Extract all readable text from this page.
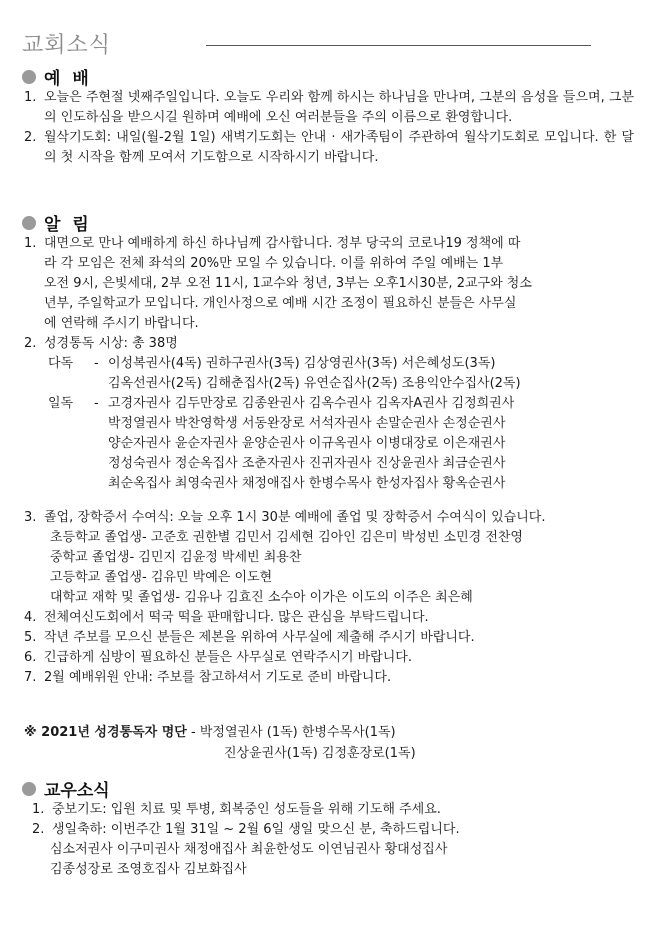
교회소식
예 배
1. 오늘은 주현절 넷째주일입니다. 오늘도 우리와 함께 하시는 하나님을 만나며, 그분의 음성을 들으며, 그분의 인도하심을 받으시길 원하며 예배에 오신 여러분들을 주의 이름으로 환영합니다.
2. 월삭기도회: 내일(월-2월 1일) 새벽기도회는 안내 · 새가족팀이 주관하여 월삭기도회로 모입니다. 한 달의 첫 시작을 함께 모여서 기도함으로 시작하시기 바랍니다.
알 림
1. 대면으로 만나 예배하게 하신 하나님께 감사합니다. 정부 당국의 코로나19 정책에 따
라 각 모임은 전체 좌석의 20%만 모일 수 있습니다. 이를 위하여 주일 예배는 1부
오전 9시, 은빛세대, 2부 오전 11시, 1교수와 청년, 3부는 오후1시30분, 2교구와 청소
년부, 주일학교가 모입니다. 개인사정으로 예배 시간 조정이 필요하신 분들은 사무실
에 연락해 주시기 바랍니다.
2. 성경통독 시상: 총 38명
다독	- 이성복권사(4독) 권하구권사(3독) 김상영권사(3독) 서은혜성도(3독)
김옥선권사(2독) 김해춘집사(2독) 유연순집사(2독) 조용익안수집사(2독)
일독	- 고경자권사 김두만장로 김종완권사 김옥수권사 김옥자A권사 김정희권사
박정열권사 박찬영학생 서동완장로 서석자권사 손말순권사 손정순권사
양순자권사 윤순자권사 윤양순권사 이규옥권사 이병대장로 이은재권사
정성숙권사 정순옥집사 조춘자권사 진귀자권사 진상윤권사 최금순권사
최순옥집사 최영숙권사 채정애집사 한병수목사 한성자집사 황옥순권사
3. 졸업, 장학증서 수여식: 오늘 오후 1시 30분 예배에 졸업 및 장학증서 수여식이 있습니다.
초등학교 졸업생- 고준호 권한별 김민서 김세현 김아인 김은미 박성빈 소민경 전찬영
중학교 졸업생- 김민지 김윤정 박세빈 최용찬
고등학교 졸업생- 김유민 박예은 이도현
대학교 재학 및 졸업생- 김유나 김효진 소수아 이가은 이도의 이주은 최은혜
4. 전체여신도회에서 떡국 떡을 판매합니다. 많은 관심을 부탁드립니다.
5. 작년 주보를 모으신 분들은 제본을 위하여 사무실에 제출해 주시기 바랍니다.
6. 긴급하게 심방이 필요하신 분들은 사무실로 연락주시기 바랍니다.
7. 2월 예배위원 안내: 주보를 참고하셔서 기도로 준비 바랍니다.
※ 2021년 성경통독자 명단 - 박정열권사 (1독) 한병수목사(1독)
진상윤권사(1독) 김정훈장로(1독)
교우소식
1. 중보기도: 입원 치료 및 투병, 회복중인 성도들을 위해 기도해 주세요.
2. 생일축하: 이번주간 1월 31일 ~ 2월 6일 생일 맞으신 분, 축하드립니다.
심소저권사 이구미권사 채정애집사 최윤한성도 이연님권사 황대성집사
김종성장로 조영호집사 김보화집사
